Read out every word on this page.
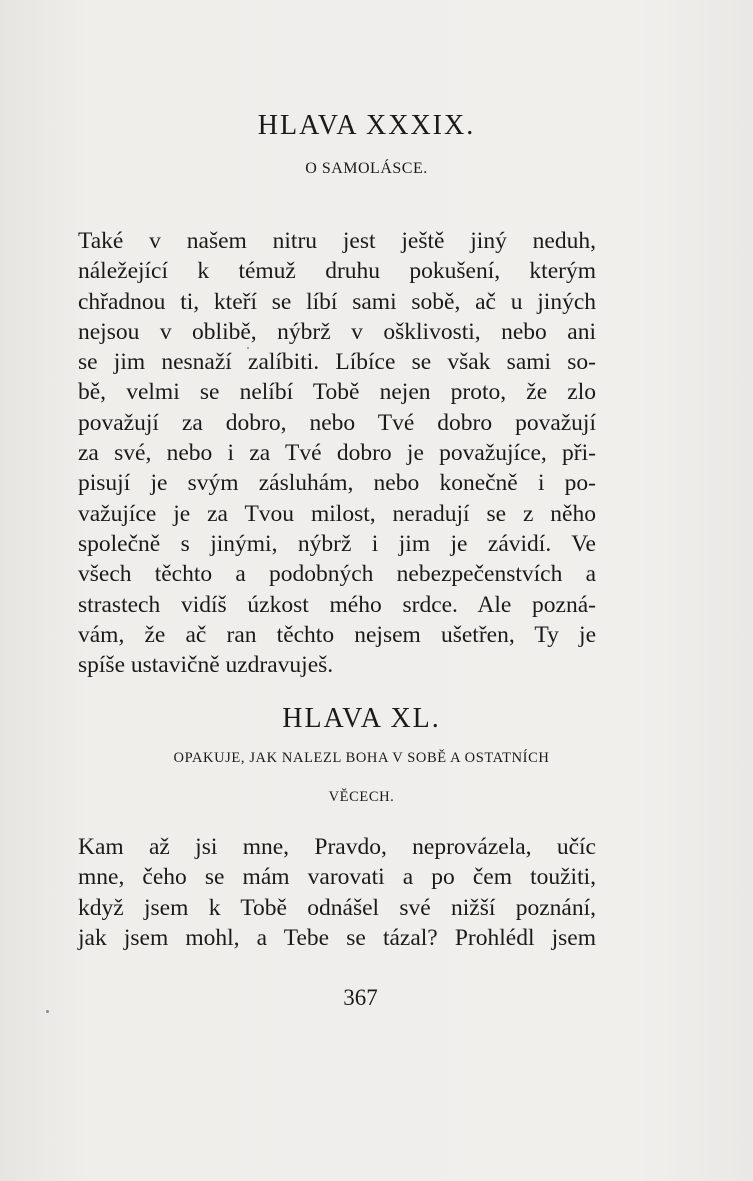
HLAVA XXXIX.
O SAMOLÁSCE.
Také v našem nitru jest ještě jiný neduh,
náležející k témuž druhu pokušení, kterým
chřadnou ti, kteří se líbí sami sobě, ač u jiných
nejsou v oblibě, nýbrž v ošklivosti, nebo ani
se jim nesnaží zalíbiti. Líbíce se však sami so-
bě, velmi se nelíbí Tobě nejen proto, že zlo
považují za dobro, nebo Tvé dobro považují
za své, nebo i za Tvé dobro je považujíce, při-
pisují je svým zásluhám, nebo konečně i po-
važujíce je za Tvou milost, neradují se z něho
společně s jinými, nýbrž i jim je závidí. Ve
všech těchto a podobných nebezpečenstvích a
strastech vidíš úzkost mého srdce. Ale pozná-
vám, že ač ran těchto nejsem ušetřen, Ty je
spíše ustavičně uzdravuješ.
HLAVA XL.
OPAKUJE, JAK NALEZL BOHA V SOBĚ A OSTATNÍCH
VĚCECH.
Kam až jsi mne, Pravdo, neprovázela, učíc
mne, čeho se mám varovati a po čem toužiti,
když jsem k Tobě odnášel své nižší poznání,
jak jsem mohl, a Tebe se tázal? Prohlédl jsem
367
